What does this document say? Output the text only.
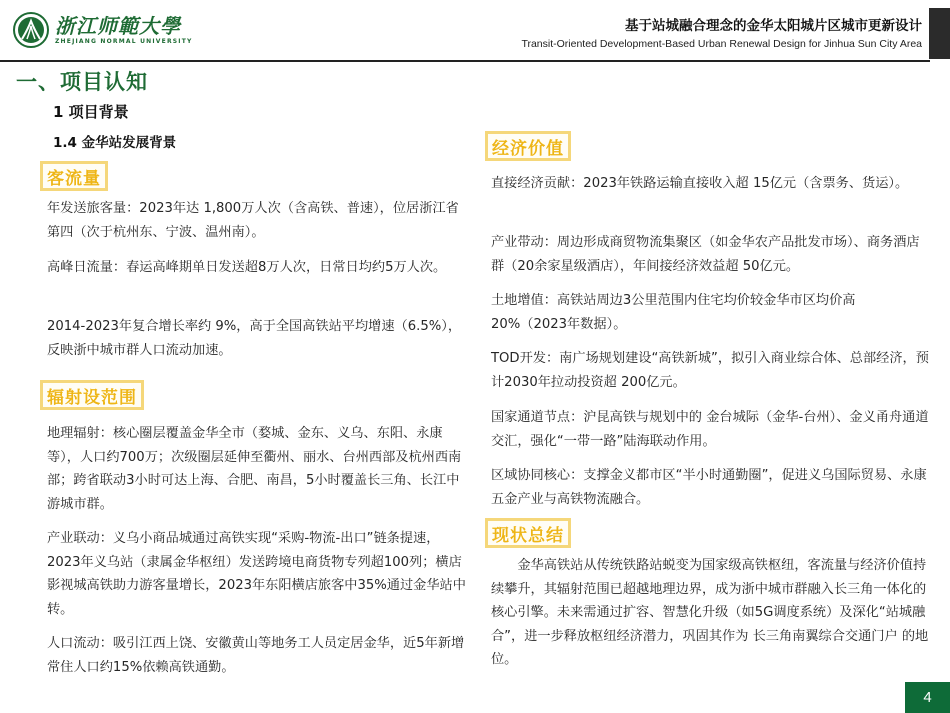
浙江师範大學
ZHEJIANG NORMAL UNIVERSITY
基于站城融合理念的金华太阳城片区城市更新设计
Transit-Oriented Development-Based Urban Renewal Design for Jinhua Sun City Area
一、项目认知
1 项目背景
1.4 金华站发展背景
客流量
年发送旅客量：2023年达 1,800万人次（含高铁、普速），位居浙江省第四（次于杭州东、宁波、温州南）。
高峰日流量：春运高峰期单日发送超8万人次，日常日均约5万人次。
2014-2023年复合增长率约 9%，高于全国高铁站平均增速（6.5%），反映浙中城市群人口流动加速。
辐射设范围
地理辐射：核心圈层覆盖金华全市（婺城、金东、义乌、东阳、永康等），人口约700万；次级圈层延伸至衢州、丽水、台州西部及杭州西南部；跨省联动3小时可达上海、合肥、南昌，5小时覆盖长三角、长江中游城市群。
产业联动：义乌小商品城通过高铁实现“采购-物流-出口”链条提速，2023年义乌站（隶属金华枢纽）发送跨境电商货物专列超100列；横店影视城高铁助力游客量增长，2023年东阳横店旅客中35%通过金华站中转。
人口流动：吸引江西上饶、安徽黄山等地务工人员定居金华，近5年新增常住人口约15%依赖高铁通勤。
经济价值
直接经济贡献：2023年铁路运输直接收入超 15亿元（含票务、货运）。
产业带动：周边形成商贸物流集聚区（如金华农产品批发市场）、商务酒店群（20余家星级酒店），年间接经济效益超 50亿元。
土地增值：高铁站周边3公里范围内住宅均价较金华市区均价高20%（2023年数据）。
TOD开发：南广场规划建设“高铁新城”，拟引入商业综合体、总部经济，预计2030年拉动投资超 200亿元。
国家通道节点：沪昆高铁与规划中的 金台城际（金华-台州）、金义甬舟通道 交汇，强化“一带一路”陆海联动作用。
区域协同核心：支撑金义都市区“半小时通勤圈”，促进义乌国际贸易、永康五金产业与高铁物流融合。
现状总结
金华高铁站从传统铁路站蜕变为国家级高铁枢纽，客流量与经济价值持续攀升，其辐射范围已超越地理边界，成为浙中城市群融入长三角一体化的核心引擎。未来需通过扩容、智慧化升级（如5G调度系统）及深化“站城融合”，进一步释放枢纽经济潜力，巩固其作为 长三角南翼综合交通门户 的地位。
4
